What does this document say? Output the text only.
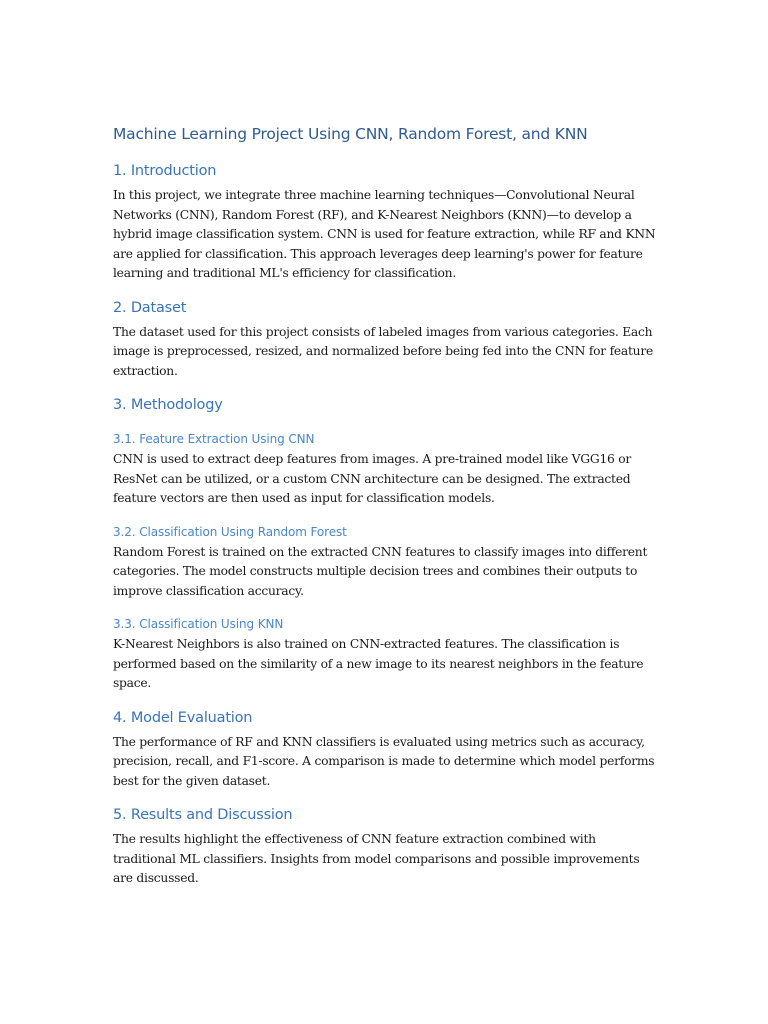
Machine Learning Project Using CNN, Random Forest, and KNN
1. Introduction

In this project, we integrate three machine learning techniques—Convolutional Neural Networks (CNN), Random Forest (RF), and K-Nearest Neighbors (KNN)—to develop a hybrid image classification system. CNN is used for feature extraction, while RF and KNN are applied for classification. This approach leverages deep learning's power for feature learning and traditional ML's efficiency for classification.

2. Dataset

The dataset used for this project consists of labeled images from various categories. Each image is preprocessed, resized, and normalized before being fed into the CNN for feature extraction.

3. Methodology
3.1. Feature Extraction Using CNN

CNN is used to extract deep features from images. A pre-trained model like VGG16 or ResNet can be utilized, or a custom CNN architecture can be designed. The extracted feature vectors are then used as input for classification models.

3.2. Classification Using Random Forest

Random Forest is trained on the extracted CNN features to classify images into different categories. The model constructs multiple decision trees and combines their outputs to improve classification accuracy.

3.3. Classification Using KNN

K-Nearest Neighbors is also trained on CNN-extracted features. The classification is performed based on the similarity of a new image to its nearest neighbors in the feature space.

4. Model Evaluation

The performance of RF and KNN classifiers is evaluated using metrics such as accuracy, precision, recall, and F1-score. A comparison is made to determine which model performs best for the given dataset.

5. Results and Discussion

The results highlight the effectiveness of CNN feature extraction combined with traditional ML classifiers. Insights from model comparisons and possible improvements are discussed.
